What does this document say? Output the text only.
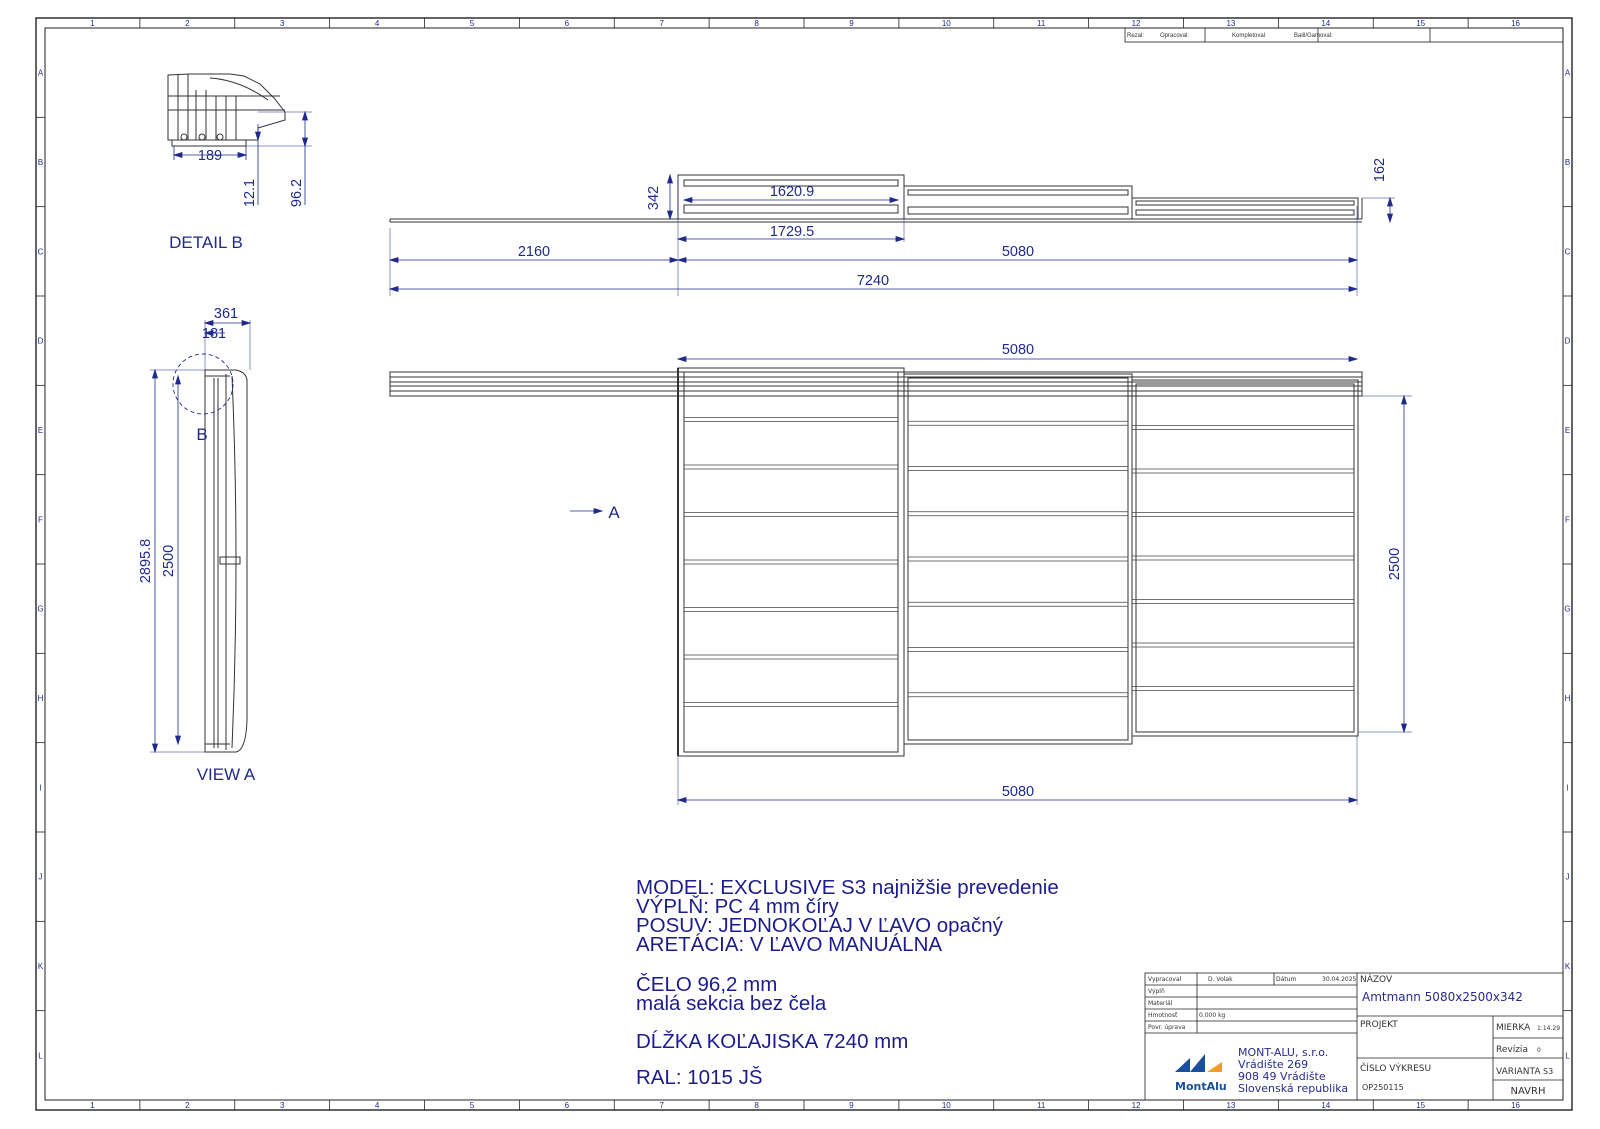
1
1
2
2
3
3
4
4
5
5
6
6
7
7
8
8
9
9
10
10
11
11
12
12
13
13
14
14
15
15
16
16
A	A
B	B
C	C
D	D
E	E
F	F
G	G
H	H
I	I
J	J
K	K
L	L
Rezal:	Opracoval:	Kompletoval	Balil/Gamoval:
189
12.1 96.2
DETAIL B
342	1620.9
1729.5
2160	5080
7240
162
B
361
181
2895.8 2500
VIEW A
5080
5080
2500
A
MODEL: EXCLUSIVE S3 najnižšie prevedenie
VÝPLŇ: PC 4 mm číry
POSUV: JEDNOKOĽAJ V ĽAVO opačný
ARETÁCIA: V ĽAVO MANUÁLNA
ČELO 96,2 mm
malá sekcia bez čela
DĹŽKA KOĽAJISKA 7240 mm
RAL: 1015 JŠ
Vypracoval	D. Volak	Dátum	30.04.2025
Výplň
Materiál
Hmotnosť	0.000 kg
Povr. úprava
NÁZOV
Amtmann 5080x2500x342
PROJEKT	MIERKA 1:14.29
Revízia 0
ČÍSLO VÝKRESU
OP250115
VARIANTA S3
NAVRH
MontAlu
MONT-ALU, s.r.o.
Vrádište 269
908 49 Vrádište
Slovenská republika
